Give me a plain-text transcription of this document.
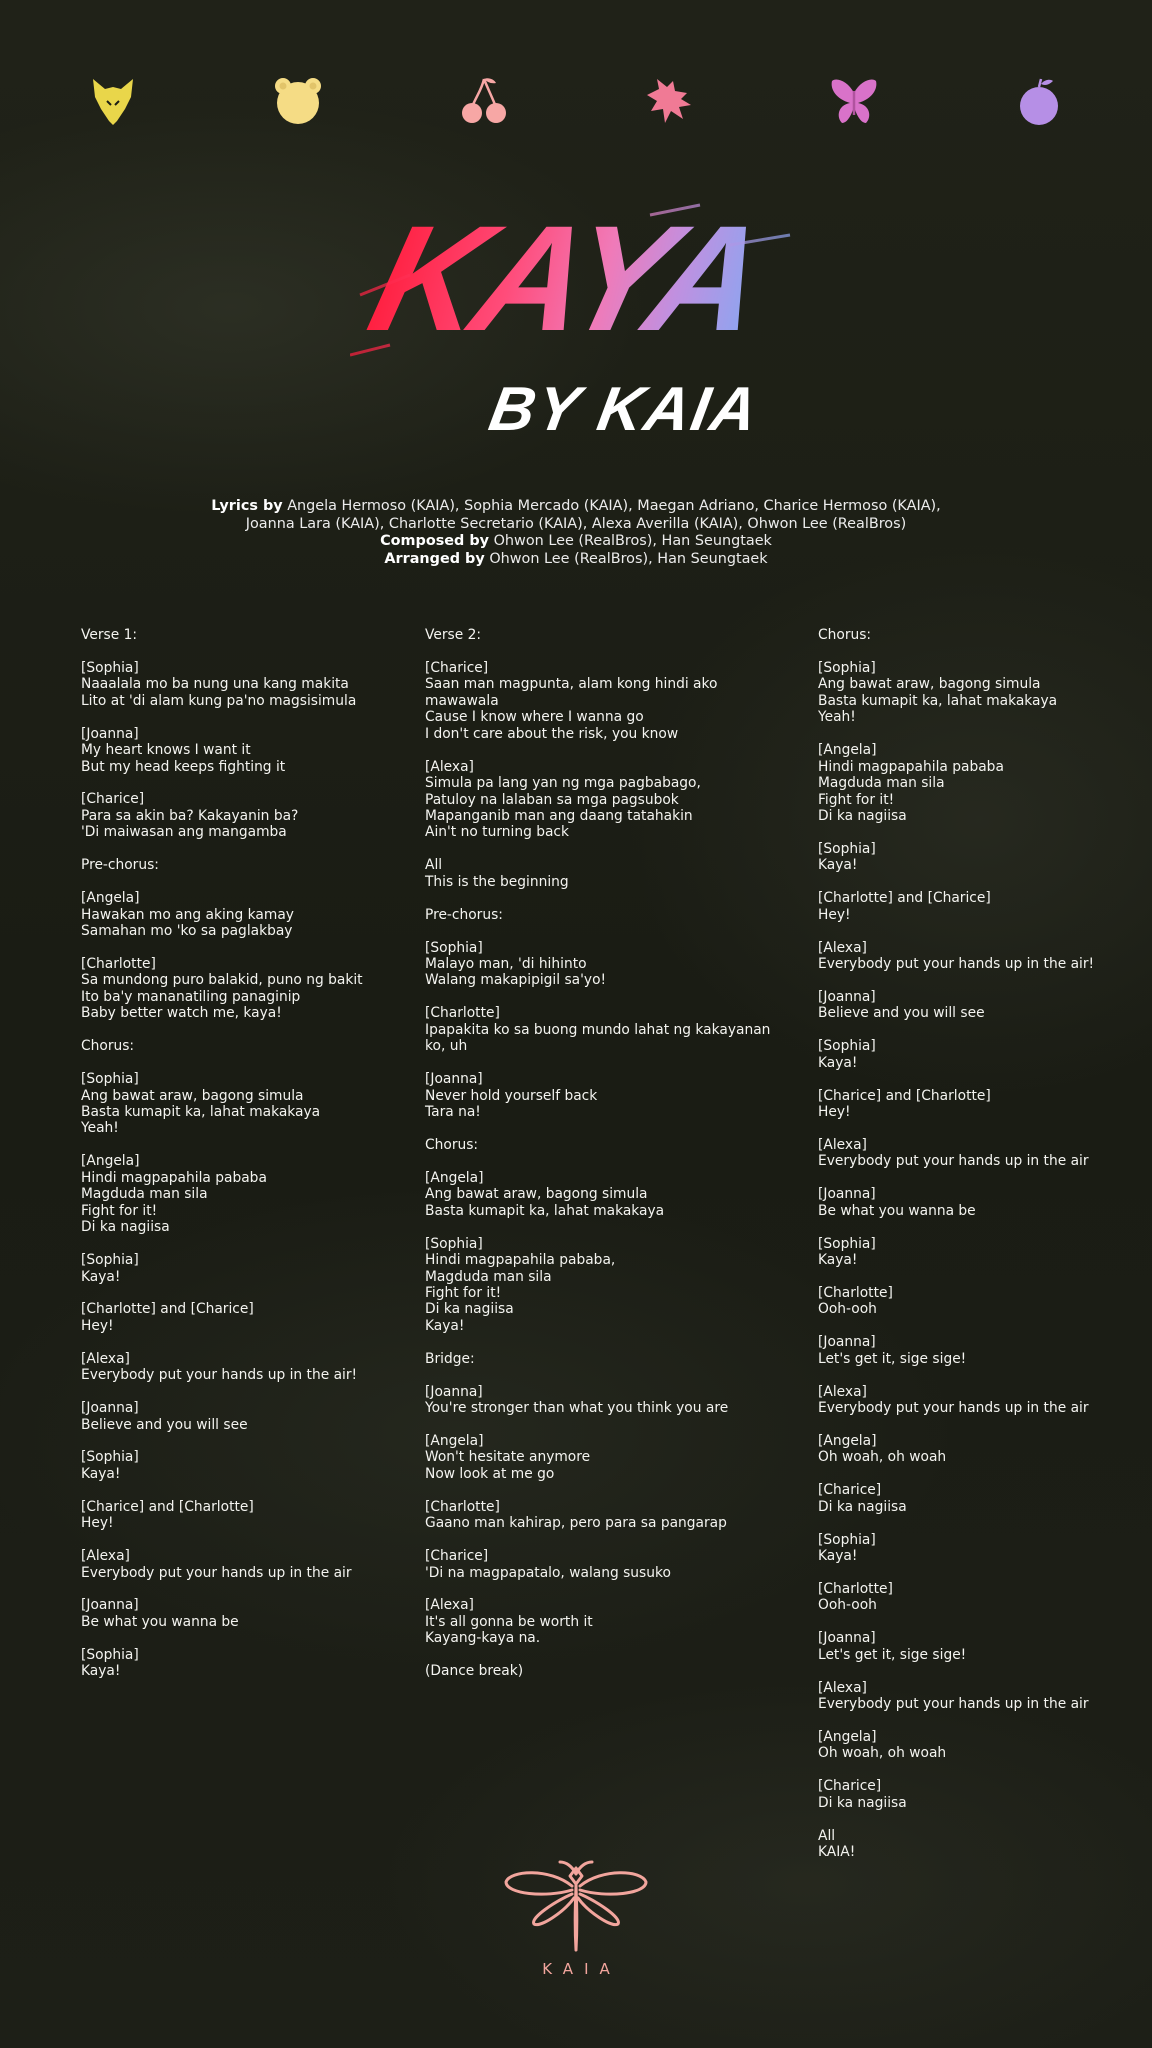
KAYA
BY KAIA
Lyrics by Angela Hermoso (KAIA), Sophia Mercado (KAIA), Maegan Adriano, Charice Hermoso (KAIA),
Joanna Lara (KAIA), Charlotte Secretario (KAIA), Alexa Averilla (KAIA), Ohwon Lee (RealBros)
Composed by Ohwon Lee (RealBros), Han Seungtaek
Arranged by Ohwon Lee (RealBros), Han Seungtaek
Verse 1:
[Sophia]
Naaalala mo ba nung una kang makita
Lito at 'di alam kung pa'no magsisimula
[Joanna]
My heart knows I want it
But my head keeps fighting it
[Charice]
Para sa akin ba? Kakayanin ba?
'Di maiwasan ang mangamba
Pre-chorus:
[Angela]
Hawakan mo ang aking kamay
Samahan mo 'ko sa paglakbay
[Charlotte]
Sa mundong puro balakid, puno ng bakit
Ito ba'y mananatiling panaginip
Baby better watch me, kaya!
Chorus:
[Sophia]
Ang bawat araw, bagong simula
Basta kumapit ka, lahat makakaya
Yeah!
[Angela]
Hindi magpapahila pababa
Magduda man sila
Fight for it!
Di ka nagiisa
[Sophia]
Kaya!
[Charlotte] and [Charice]
Hey!
[Alexa]
Everybody put your hands up in the air!
[Joanna]
Believe and you will see
[Sophia]
Kaya!
[Charice] and [Charlotte]
Hey!
[Alexa]
Everybody put your hands up in the air
[Joanna]
Be what you wanna be
[Sophia]
Kaya!
Verse 2:
[Charice]
Saan man magpunta, alam kong hindi ako
mawawala
Cause I know where I wanna go
I don't care about the risk, you know
[Alexa]
Simula pa lang yan ng mga pagbabago,
Patuloy na lalaban sa mga pagsubok
Mapanganib man ang daang tatahakin
Ain't no turning back
All
This is the beginning
Pre-chorus:
[Sophia]
Malayo man, 'di hihinto
Walang makapipigil sa'yo!
[Charlotte]
Ipapakita ko sa buong mundo lahat ng kakayanan
ko, uh
[Joanna]
Never hold yourself back
Tara na!
Chorus:
[Angela]
Ang bawat araw, bagong simula
Basta kumapit ka, lahat makakaya
[Sophia]
Hindi magpapahila pababa,
Magduda man sila
Fight for it!
Di ka nagiisa
Kaya!
Bridge:
[Joanna]
You're stronger than what you think you are
[Angela]
Won't hesitate anymore
Now look at me go
[Charlotte]
Gaano man kahirap, pero para sa pangarap
[Charice]
'Di na magpapatalo, walang susuko
[Alexa]
It's all gonna be worth it
Kayang-kaya na.
(Dance break)
Chorus:
[Sophia]
Ang bawat araw, bagong simula
Basta kumapit ka, lahat makakaya
Yeah!
[Angela]
Hindi magpapahila pababa
Magduda man sila
Fight for it!
Di ka nagiisa
[Sophia]
Kaya!
[Charlotte] and [Charice]
Hey!
[Alexa]
Everybody put your hands up in the air!
[Joanna]
Believe and you will see
[Sophia]
Kaya!
[Charice] and [Charlotte]
Hey!
[Alexa]
Everybody put your hands up in the air
[Joanna]
Be what you wanna be
[Sophia]
Kaya!
[Charlotte]
Ooh-ooh
[Joanna]
Let's get it, sige sige!
[Alexa]
Everybody put your hands up in the air
[Angela]
Oh woah, oh woah
[Charice]
Di ka nagiisa
[Sophia]
Kaya!
[Charlotte]
Ooh-ooh
[Joanna]
Let's get it, sige sige!
[Alexa]
Everybody put your hands up in the air
[Angela]
Oh woah, oh woah
[Charice]
Di ka nagiisa
All
KAIA!
KAIA
